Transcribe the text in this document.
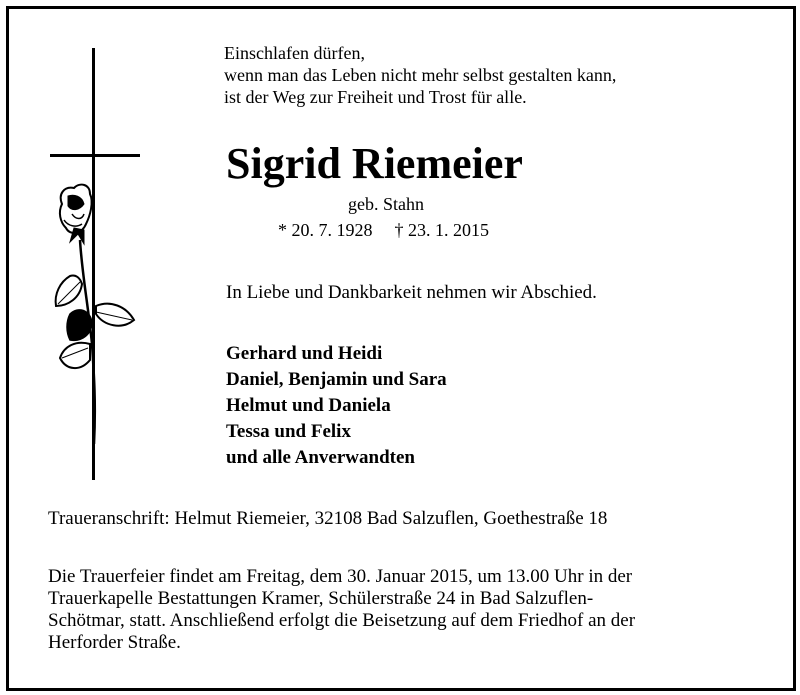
Einschlafen dürfen,
wenn man das Leben nicht mehr selbst gestalten kann,
ist der Weg zur Freiheit und Trost für alle.
Sigrid Riemeier
geb. Stahn
* 20. 7. 1928 † 23. 1. 2015
In Liebe und Dankbarkeit nehmen wir Abschied.
Gerhard und Heidi
Daniel, Benjamin und Sara
Helmut und Daniela
Tessa und Felix
und alle Anverwandten
Traueranschrift: Helmut Riemeier, 32108 Bad Salzuflen, Goethestraße 18
Die Trauerfeier findet am Freitag, dem 30. Januar 2015, um 13.00 Uhr in der
Trauerkapelle Bestattungen Kramer, Schülerstraße 24 in Bad Salzuflen-
Schötmar, statt. Anschließend erfolgt die Beisetzung auf dem Friedhof an der
Herforder Straße.
